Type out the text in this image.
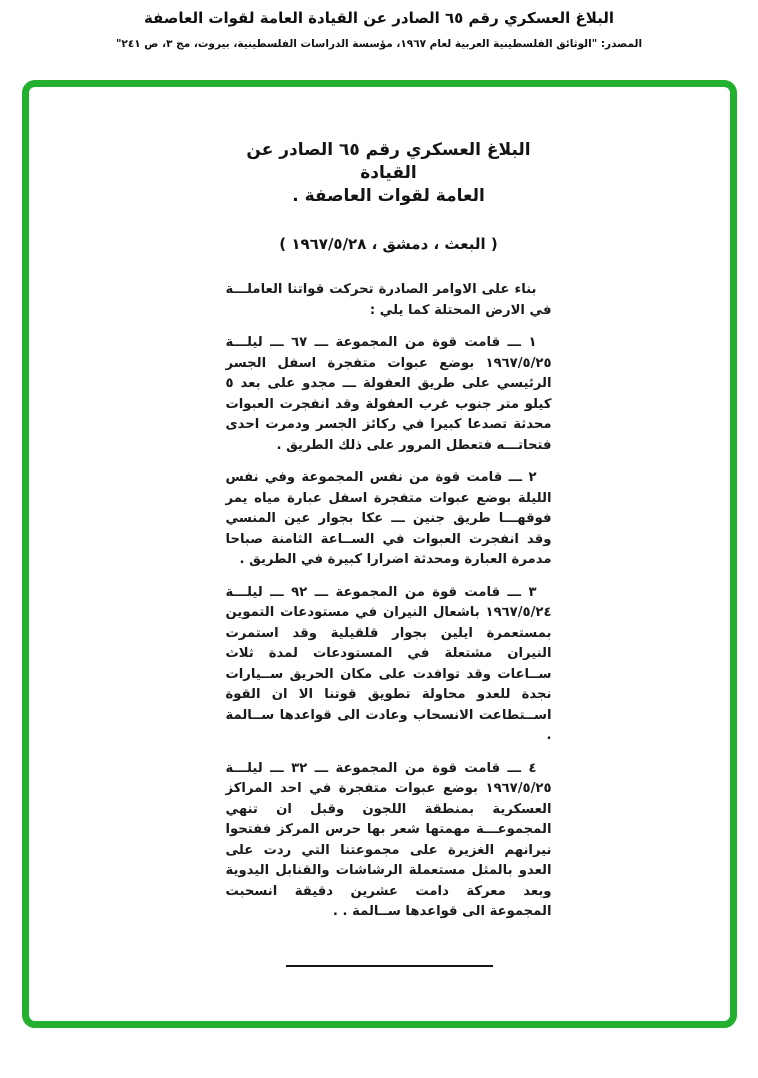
البلاغ العسكري رقم ٦٥ الصادر عن القيادة العامة لقوات العاصفة
المصدر: "الوثائق الفلسطينية العربية لعام ١٩٦٧، مؤسسة الدراسات الفلسطينية، بيروت، مج ٣، ص ٢٤١"
البلاغ العسكري رقم ٦٥ الصادر عن القيادة
العامة لقوات العاصفة .
( البعث ، دمشق ، ١٩٦٧/٥/٢٨ )

بناء على الاوامر الصادرة تحركت قواتنا العاملـــة في الارض المحتلة كما يلي :

١ ـــ قامت قوة من المجموعة ـــ ٦٧ ـــ ليلـــة ١٩٦٧/٥/٢٥ بوضع عبوات متفجرة اسفل الجسر الرئيسي على طريق العفولة ـــ مجدو على بعد ٥ كيلو متر جنوب غرب العفولة وقد انفجرت العبوات محدثة تصدعا كبيرا في ركائز الجسر ودمرت احدى فتحاتـــه فتعطل المرور على ذلك الطريق .

٢ ـــ قامت قوة من نفس المجموعة وفي نفس الليلة بوضع عبوات متفجرة اسفل عبارة مياه يمر فوقهـــا طريق جنين ـــ عكا بجوار عين المنسي وقد انفجرت العبوات في الســاعة الثامنة صباحا مدمرة العبارة ومحدثة اضرارا كبيرة في الطريق .

٣ ـــ قامت قوة من المجموعة ـــ ٩٢ ـــ ليلـــة ١٩٦٧/٥/٢٤ باشعال النيران في مستودعات التموين بمستعمرة ايلين بجوار قلقيلية وقد استمرت النيران مشتعلة في المستودعات لمدة ثلاث ســاعات وقد توافدت على مكان الحريق ســيارات نجدة للعدو محاولة تطويق قوتنا الا ان القوة اســتطاعت الانسحاب وعادت الى قواعدها ســالمة .

٤ ـــ قامت قوة من المجموعة ـــ ٣٢ ـــ ليلـــة ١٩٦٧/٥/٢٥ بوضع عبوات متفجرة في احد المراكز العسكرية بمنطقة اللجون وقبل ان تنهي المجموعـــة مهمتها شعر بها حرس المركز ففتحوا نيرانهم الغزيرة على مجموعتنا التي ردت على العدو بالمثل مستعملة الرشاشات والقنابل اليدوية وبعد معركة دامت عشرين دقيقة انسحبت المجموعة الى قواعدها ســالمة . .
